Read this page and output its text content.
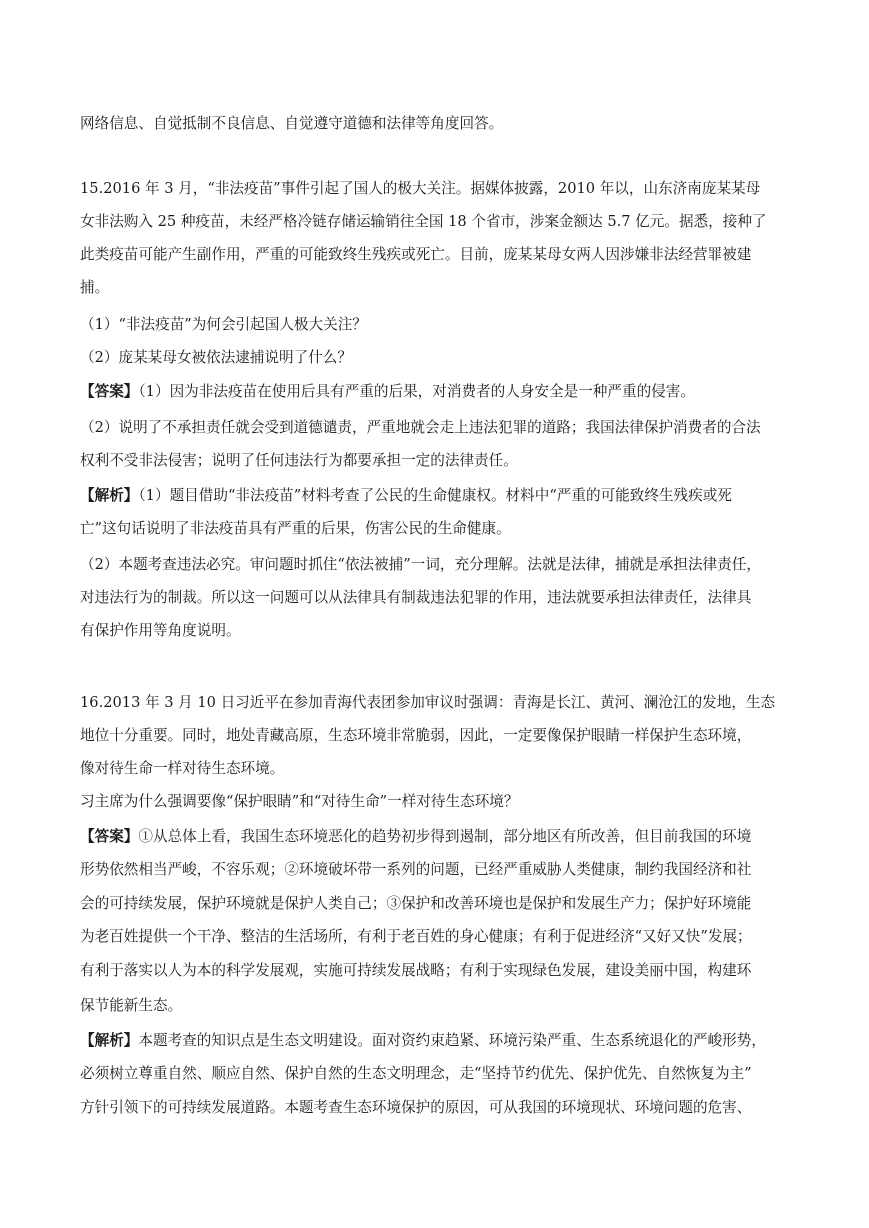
网络信息、自觉抵制不良信息、自觉遵守道德和法律等角度回答。
15.2016 年 3 月，“非法疫苗”事件引起了国人的极大关注。据媒体披露，2010 年以，山东济南庞某某母
女非法购入 25 种疫苗，未经严格冷链存储运输销往全国 18 个省市，涉案金额达 5.7 亿元。据悉，接种了
此类疫苗可能产生副作用，严重的可能致终生残疾或死亡。目前，庞某某母女两人因涉嫌非法经营罪被建
捕。
（1）“非法疫苗”为何会引起国人极大关注？
（2）庞某某母女被依法逮捕说明了什么？
【答案】（1）因为非法疫苗在使用后具有严重的后果，对消费者的人身安全是一种严重的侵害。
（2）说明了不承担责任就会受到道德谴责，严重地就会走上违法犯罪的道路；我国法律保护消费者的合法
权利不受非法侵害；说明了任何违法行为都要承担一定的法律责任。
【解析】（1）题目借助“非法疫苗”材料考查了公民的生命健康权。材料中“严重的可能致终生残疾或死
亡”这句话说明了非法疫苗具有严重的后果，伤害公民的生命健康。
（2）本题考查违法必究。审问题时抓住“依法被捕”一词，充分理解。法就是法律，捕就是承担法律责任，
对违法行为的制裁。所以这一问题可以从法律具有制裁违法犯罪的作用，违法就要承担法律责任，法律具
有保护作用等角度说明。
16.2013 年 3 月 10 日习近平在参加青海代表团参加审议时强调：青海是长江、黄河、澜沧江的发地，生态
地位十分重要。同时，地处青藏高原，生态环境非常脆弱，因此，一定要像保护眼睛一样保护生态环境，
像对待生命一样对待生态环境。
习主席为什么强调要像“保护眼睛”和“对待生命”一样对待生态环境？
【答案】①从总体上看，我国生态环境恶化的趋势初步得到遏制，部分地区有所改善，但目前我国的环境
形势依然相当严峻，不容乐观；②环境破坏带一系列的问题，已经严重威胁人类健康，制约我国经济和社
会的可持续发展，保护环境就是保护人类自己；③保护和改善环境也是保护和发展生产力；保护好环境能
为老百姓提供一个干净、整洁的生活场所，有利于老百姓的身心健康；有利于促进经济“又好又快”发展；
有利于落实以人为本的科学发展观，实施可持续发展战略；有利于实现绿色发展，建设美丽中国，构建环
保节能新生态。
【解析】本题考查的知识点是生态文明建设。面对资约束趋紧、环境污染严重、生态系统退化的严峻形势，
必须树立尊重自然、顺应自然、保护自然的生态文明理念，走“坚持节约优先、保护优先、自然恢复为主”
方针引领下的可持续发展道路。本题考查生态环境保护的原因，可从我国的环境现状、环境问题的危害、
